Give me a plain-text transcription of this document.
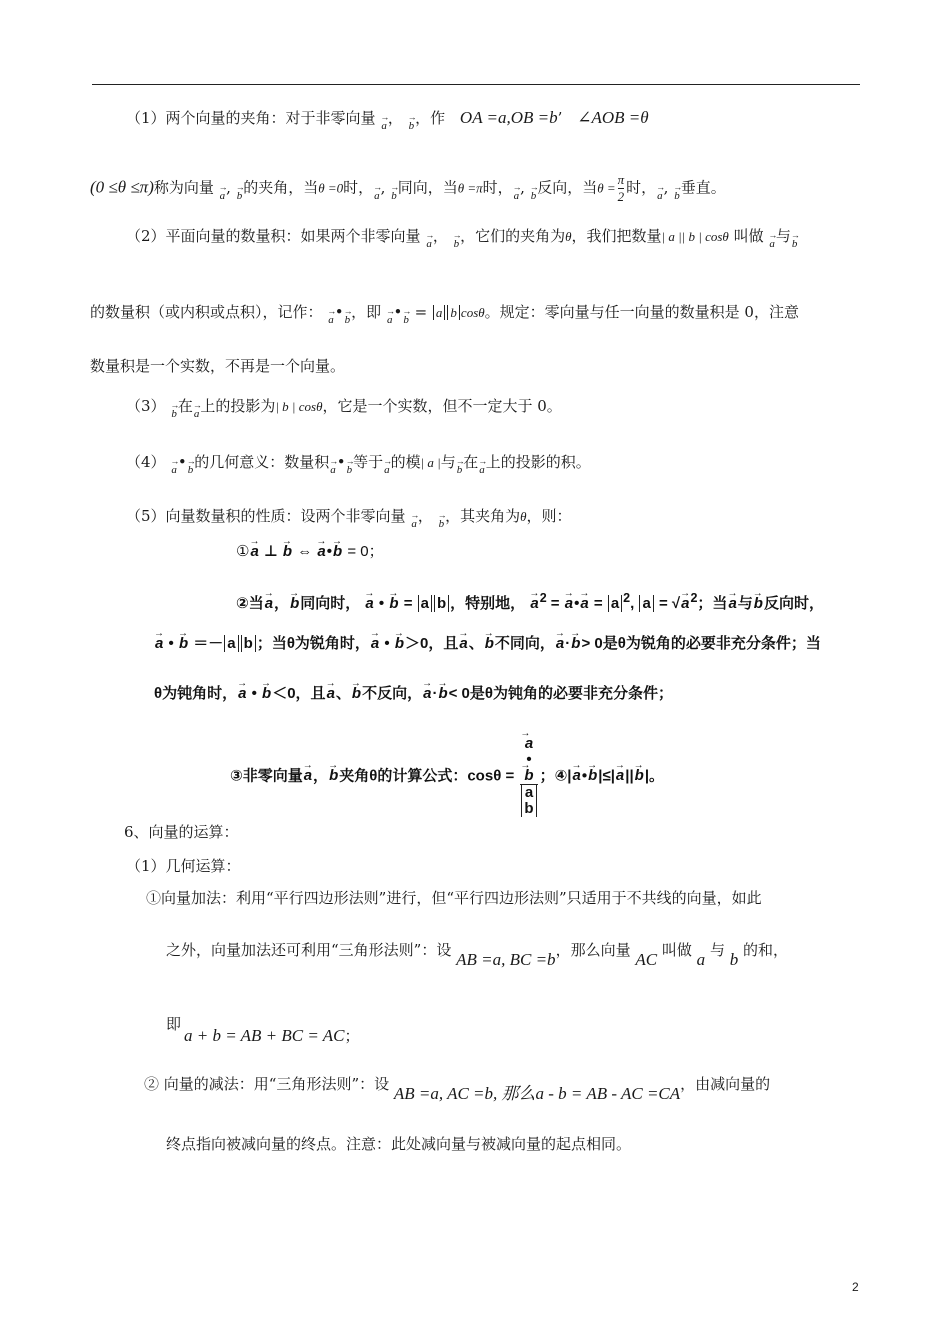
（1）两个向量的夹角：对于非零向量 → a， → b，作 OA =a,OB =b’ ∠AOB =θ
(0 ≤θ ≤π)称为向量 → a, → b的夹角，当θ =0时，→ a, → b同向，当θ =π时，→ a, → b反向，当$\theta = \frac{\pi}{2}$ 时，→ a, → b垂直。
（2）平面向量的数量积：如果两个非零向量 → a， → b，它们的夹角为θ，我们把数量| a || b | cosθ 叫做 → a与→ b
的数量积（或内积或点积），记作： → a•→ b，即 → a•→ b = a b cosθ。规定：零向量与任一向量的数量积是 0，注意
数量积是一个实数，不再是一个向量。
（3） → b在→ a上的投影为| b | cosθ，它是一个实数，但不一定大于 0。
（4） → a•→ b的几何意义：数量积→ a•→ b等于→ a的模| a |与→ b在→ a上的投影的积。
（5）向量数量积的性质：设两个非零向量 → a， → b，其夹角为θ，则：
①→ a ⊥ → b ⇔ → a•→ b = 0；
②当→ a，→ b同向时， → a • → b = a b ，特别地， → $a^2$ = → a•→ a = a $^2$, a = √→ $a^2$；当→ a与→ b反向时，
→ a • → b ＝－ a b ；当θ为锐角时，→ a • → b＞0，且→ a、→ b不同向，→ a·→ b> 0是θ为锐角的必要非充分条件；当
θ为钝角时，→ a • → b＜0，且→ a、→ b不反向，→ a·→ b< 0是θ为钝角的必要非充分条件；
③非零向量→ a，→ b夹角θ的计算公式：cosθ = → a
•
→ b
a
b ；④|→ a•→ b|≤|→ a||→ b|。
6、向量的运算：
（1）几何运算：
①向量加法：利用“平行四边形法则”进行，但“平行四边形法则”只适用于不共线的向量，如此
之外，向量加法还可利用“三角形法则”：设 AB =a, BC =b，那么向量 AC 叫做 a 与 b 的和，
即
a + b = AB + BC = AC；
② 向量的减法：用“三角形法则”：设 AB =a, AC =b, 那么a - b = AB - AC =CA，由减向量的
终点指向被减向量的终点。注意：此处减向量与被减向量的起点相同。
2
